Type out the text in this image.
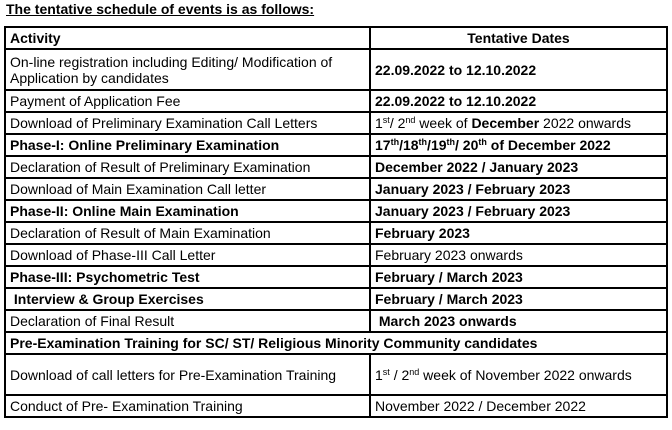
The tentative schedule of events is as follows:
Activity	Tentative Dates
On-line registration including Editing/ Modification of Application by candidates	22.09.2022 to 12.10.2022
Payment of Application Fee	22.09.2022 to 12.10.2022
Download of Preliminary Examination Call Letters	1st/ 2nd week of December 2022 onwards
Phase-I: Online Preliminary Examination	17th/18th/19th/ 20th of December 2022
Declaration of Result of Preliminary Examination	December 2022 / January 2023
Download of Main Examination Call letter	January 2023 / February 2023
Phase-II: Online Main Examination	January 2023 / February 2023
Declaration of Result of Main Examination	February 2023
Download of Phase-III Call Letter	February 2023 onwards
Phase-III: Psychometric Test	February / March 2023
Interview & Group Exercises	February / March 2023
Declaration of Final Result	March 2023 onwards
Pre-Examination Training for SC/ ST/ Religious Minority Community candidates	
Download of call letters for Pre-Examination Training	1st / 2nd week of November 2022 onwards
Conduct of Pre- Examination Training	November 2022 / December 2022
